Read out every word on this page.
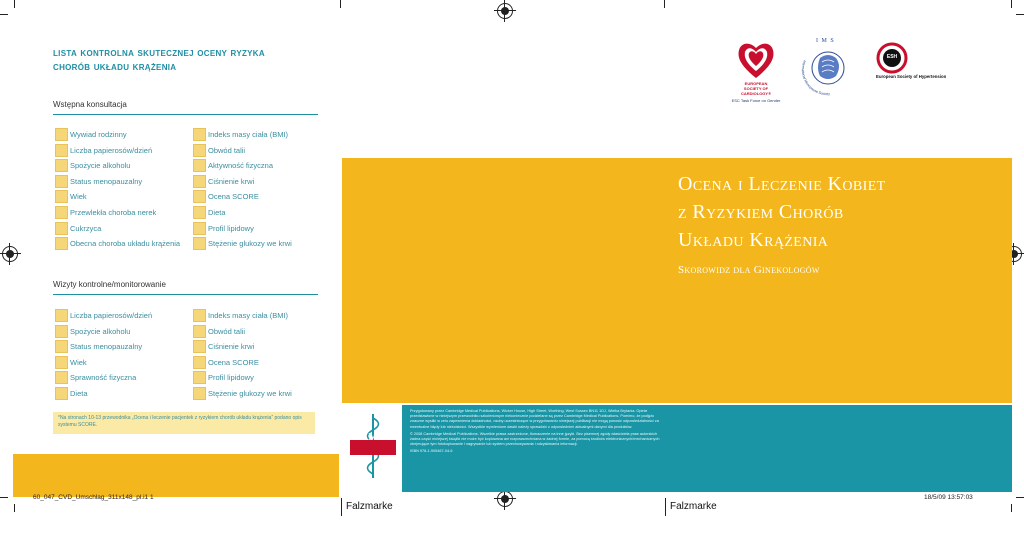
lista kontrolna skutecznej oceny ryzyka
chorób układu krążenia
Wstępna konsultacja
Wywiad rodzinny
Liczba papierosów/dzień
Spożycie alkoholu
Status menopauzalny
Wiek
Przewlekła choroba nerek
Cukrzyca
Obecna choroba układu krążenia
Indeks masy ciała (BMI)
Obwód talii
Aktywność fizyczna
Ciśnienie krwi
Ocena SCORE
Dieta
Profil lipidowy
Stężenie glukozy we krwi
Wizyty kontrolne/monitorowanie
Liczba papierosów/dzień
Spożycie alkoholu
Status menopauzalny
Wiek
Sprawność fizyczna
Dieta
Indeks masy ciała (BMI)
Obwód talii
Ciśnienie krwi
Ocena SCORE
Profil lipidowy
Stężenie glukozy we krwi
*Na stronach 10-13 przewodnika „Ocena i leczenie pacjentek z ryzykiem chorób układu krążenia” podano opis systemu SCORE.
EUROPEAN
SOCIETY OF
CARDIOLOGY®
ESC Task Force on Gender
International Menopause Society
I M S
ESH
European Society of Hypertension
Ocena i Leczenie Kobiet
z Ryzykiem Chorób
Układu Krążenia
Skorowidz dla Ginekologów

Przygotowany przez Cambridge Medical Publications, Wicker House, High Street, Worthing, West Sussex BN11 1DJ, Wielka Brytania. Opinie przedstawione w niniejszym przewodniku szkoleniowym niekoniecznie podzielane są przez Cambridge Medical Publications. Pomimo, że podjęto znaczne wysiłki w celu zapewnienia dokładności, osoby uczestniczące w przygotowaniu niniejszej publikacji nie mogą ponosić odpowiedzialności za ewentualne błędy lub nieścisłości. Wszystkie wymienione dawki należy sprawdzić z odpowiednimi aktualnymi danymi dla produktów.

© 2008 Cambridge Medical Publications. Wszelkie prawa zastrzeżone, tłumaczenie na inne języki. Bez pisemnej zgody właściciela praw autorskich żadna część niniejszej książki nie może być kopiowana ani rozpowszechniana w żadnej formie, za pomocą środków elektronicznych/mechanicznych obejmujące tym fotokopiowanie i nagrywanie lub system przechowywania i odzyskiwania informacji.

ISBN 978-1-905467-04-6

CMP
60_047_CVD_Umschlag_311x148_pl.i1 1	18/5/09 13:57:03
Falzmarke	Falzmarke
